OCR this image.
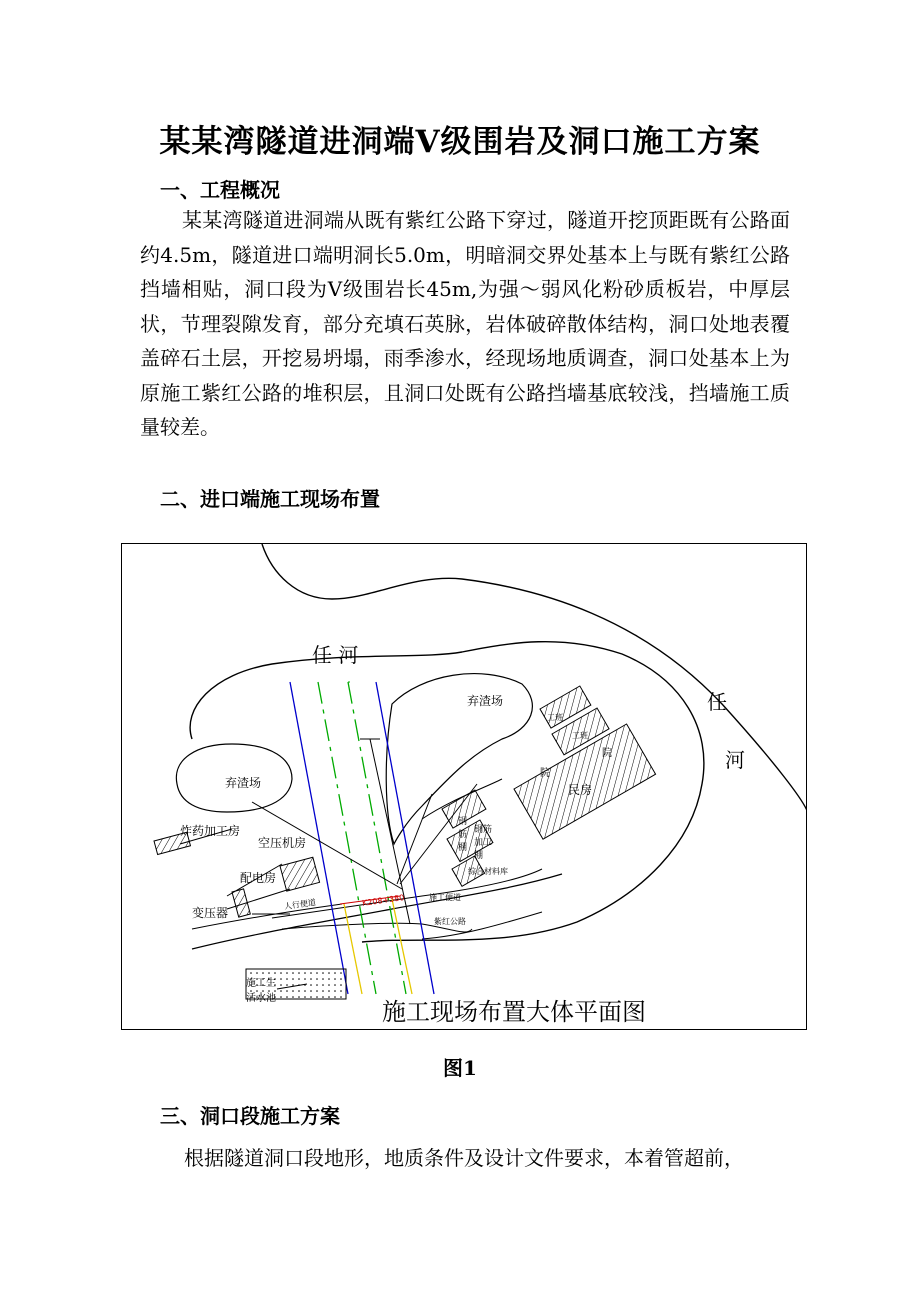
某某湾隧道进洞端Ⅴ级围岩及洞口施工方案
一、工程概况
某某湾隧道进洞端从既有紫红公路下穿过，隧道开挖顶距既有公路面约4.5m，隧道进口端明洞长5.0m，明暗洞交界处基本上与既有紫红公路挡墙相贴，洞口段为Ⅴ级围岩长45m,为强～弱风化粉砂质板岩，中厚层状，节理裂隙发育，部分充填石英脉，岩体破碎散体结构，洞口处地表覆盖碎石土层，开挖易坍塌，雨季渗水，经现场地质调查，洞口处基本上为原施工紫红公路的堆积层，且洞口处既有公路挡墙基底较浅，挡墙施工质量较差。
二、进口端施工现场布置
任 河
任
河
弃渣场
弃渣场
炸药加工房
空压机房
配电房
变压器
施工生活水池
工班
工班
院
院
民房
钢筋棚
钢筋加工棚
综合材料库
人行便道
施工便道
紫红公路
K208+380
施工现场布置大体平面图
图1
三、洞口段施工方案
根据隧道洞口段地形，地质条件及设计文件要求，本着管超前，
